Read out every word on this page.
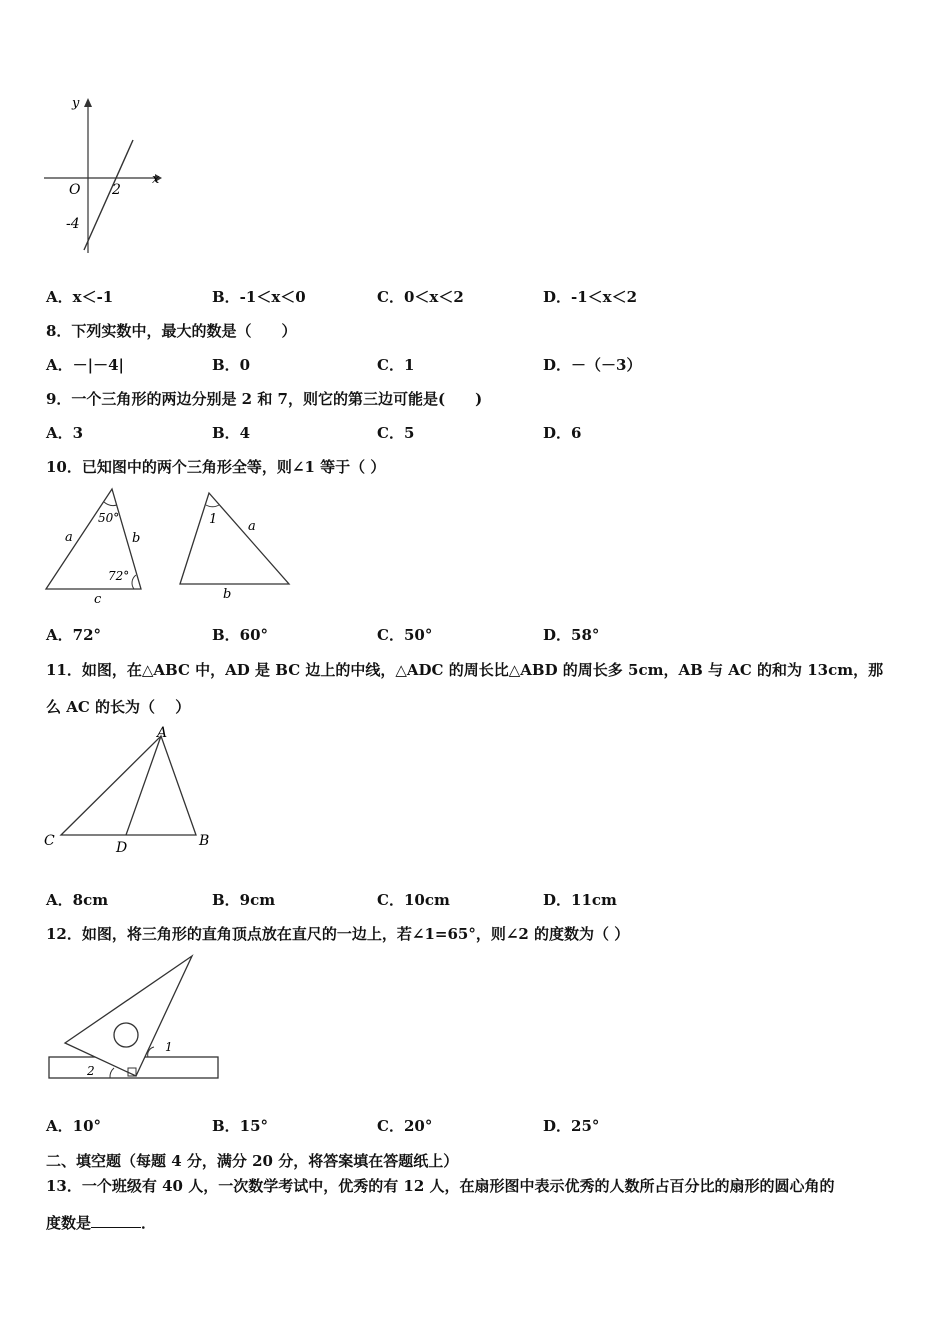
y
x
O 2
-4
A．x＜-1	B．-1＜x＜0	C．0＜x＜2	D．-1＜x＜2
8．下列实数中，最大的数是（　　）
A．－|－4|	B．0	C．1	D．－（－3）
9．一个三角形的两边分别是 2 和 7，则它的第三边可能是(　　)
A．3	B．4	C．5	D．6
10．已知图中的两个三角形全等，则∠1 等于（ ）
a	b
c
50°
72°
1 a
b
A．72°	B．60°	C．50°	D．58°
11．如图，在△ABC 中，AD 是 BC 边上的中线，△ADC 的周长比△ABD 的周长多 5cm，AB 与 AC 的和为 13cm，那
么 AC 的长为（　 ）
A
B
C	D
A．8cm	B．9cm	C．10cm	D．11cm
12．如图，将三角形的直角顶点放在直尺的一边上，若∠1=65°，则∠2 的度数为（ ）
1
2
A．10°	B．15°	C．20°	D．25°
二、填空题（每题 4 分，满分 20 分，将答案填在答题纸上）
13．一个班级有 40 人，一次数学考试中，优秀的有 12 人，在扇形图中表示优秀的人数所占百分比的扇形的圆心角的
度数是	．
